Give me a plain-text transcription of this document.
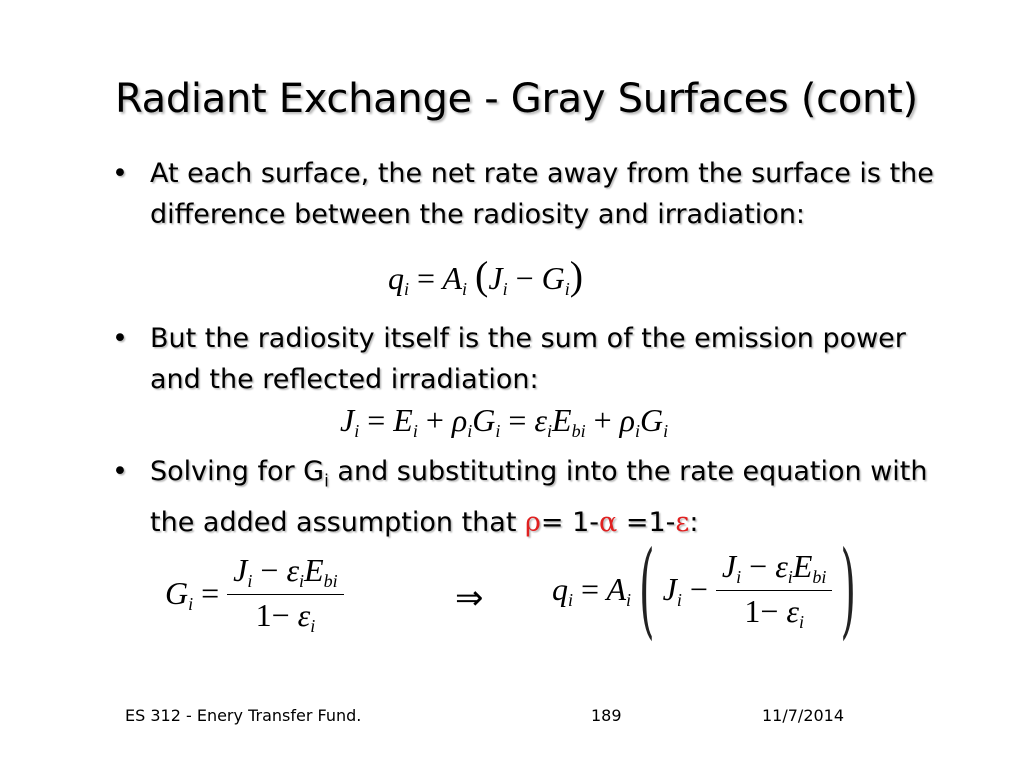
Radiant Exchange - Gray Surfaces (cont)
• At each surface, the net rate away from the surface is the difference between the radiosity and irradiation:
$q_i = A_i$ $(J_i - G_i)$
• But the radiosity itself is the sum of the emission power and the reflected irradiation:
$J_i = E_i + \rho_iG_i = \varepsilon_iE_{bi} + \rho_iG_i$
• Solving for $G_i$ and substituting into the rate equation with the added assumption that ρ= 1-α =1-ε:
$G_i = \frac{J_i - \varepsilon_iE_{bi}}{1- \varepsilon_i}$	⇒ $q_i = A_i$ ( $J_i - \frac{J_i - \varepsilon_iE_{bi}}{1- \varepsilon_i}$ )
ES 312 - Enery Transfer Fund.	189	11/7/2014
